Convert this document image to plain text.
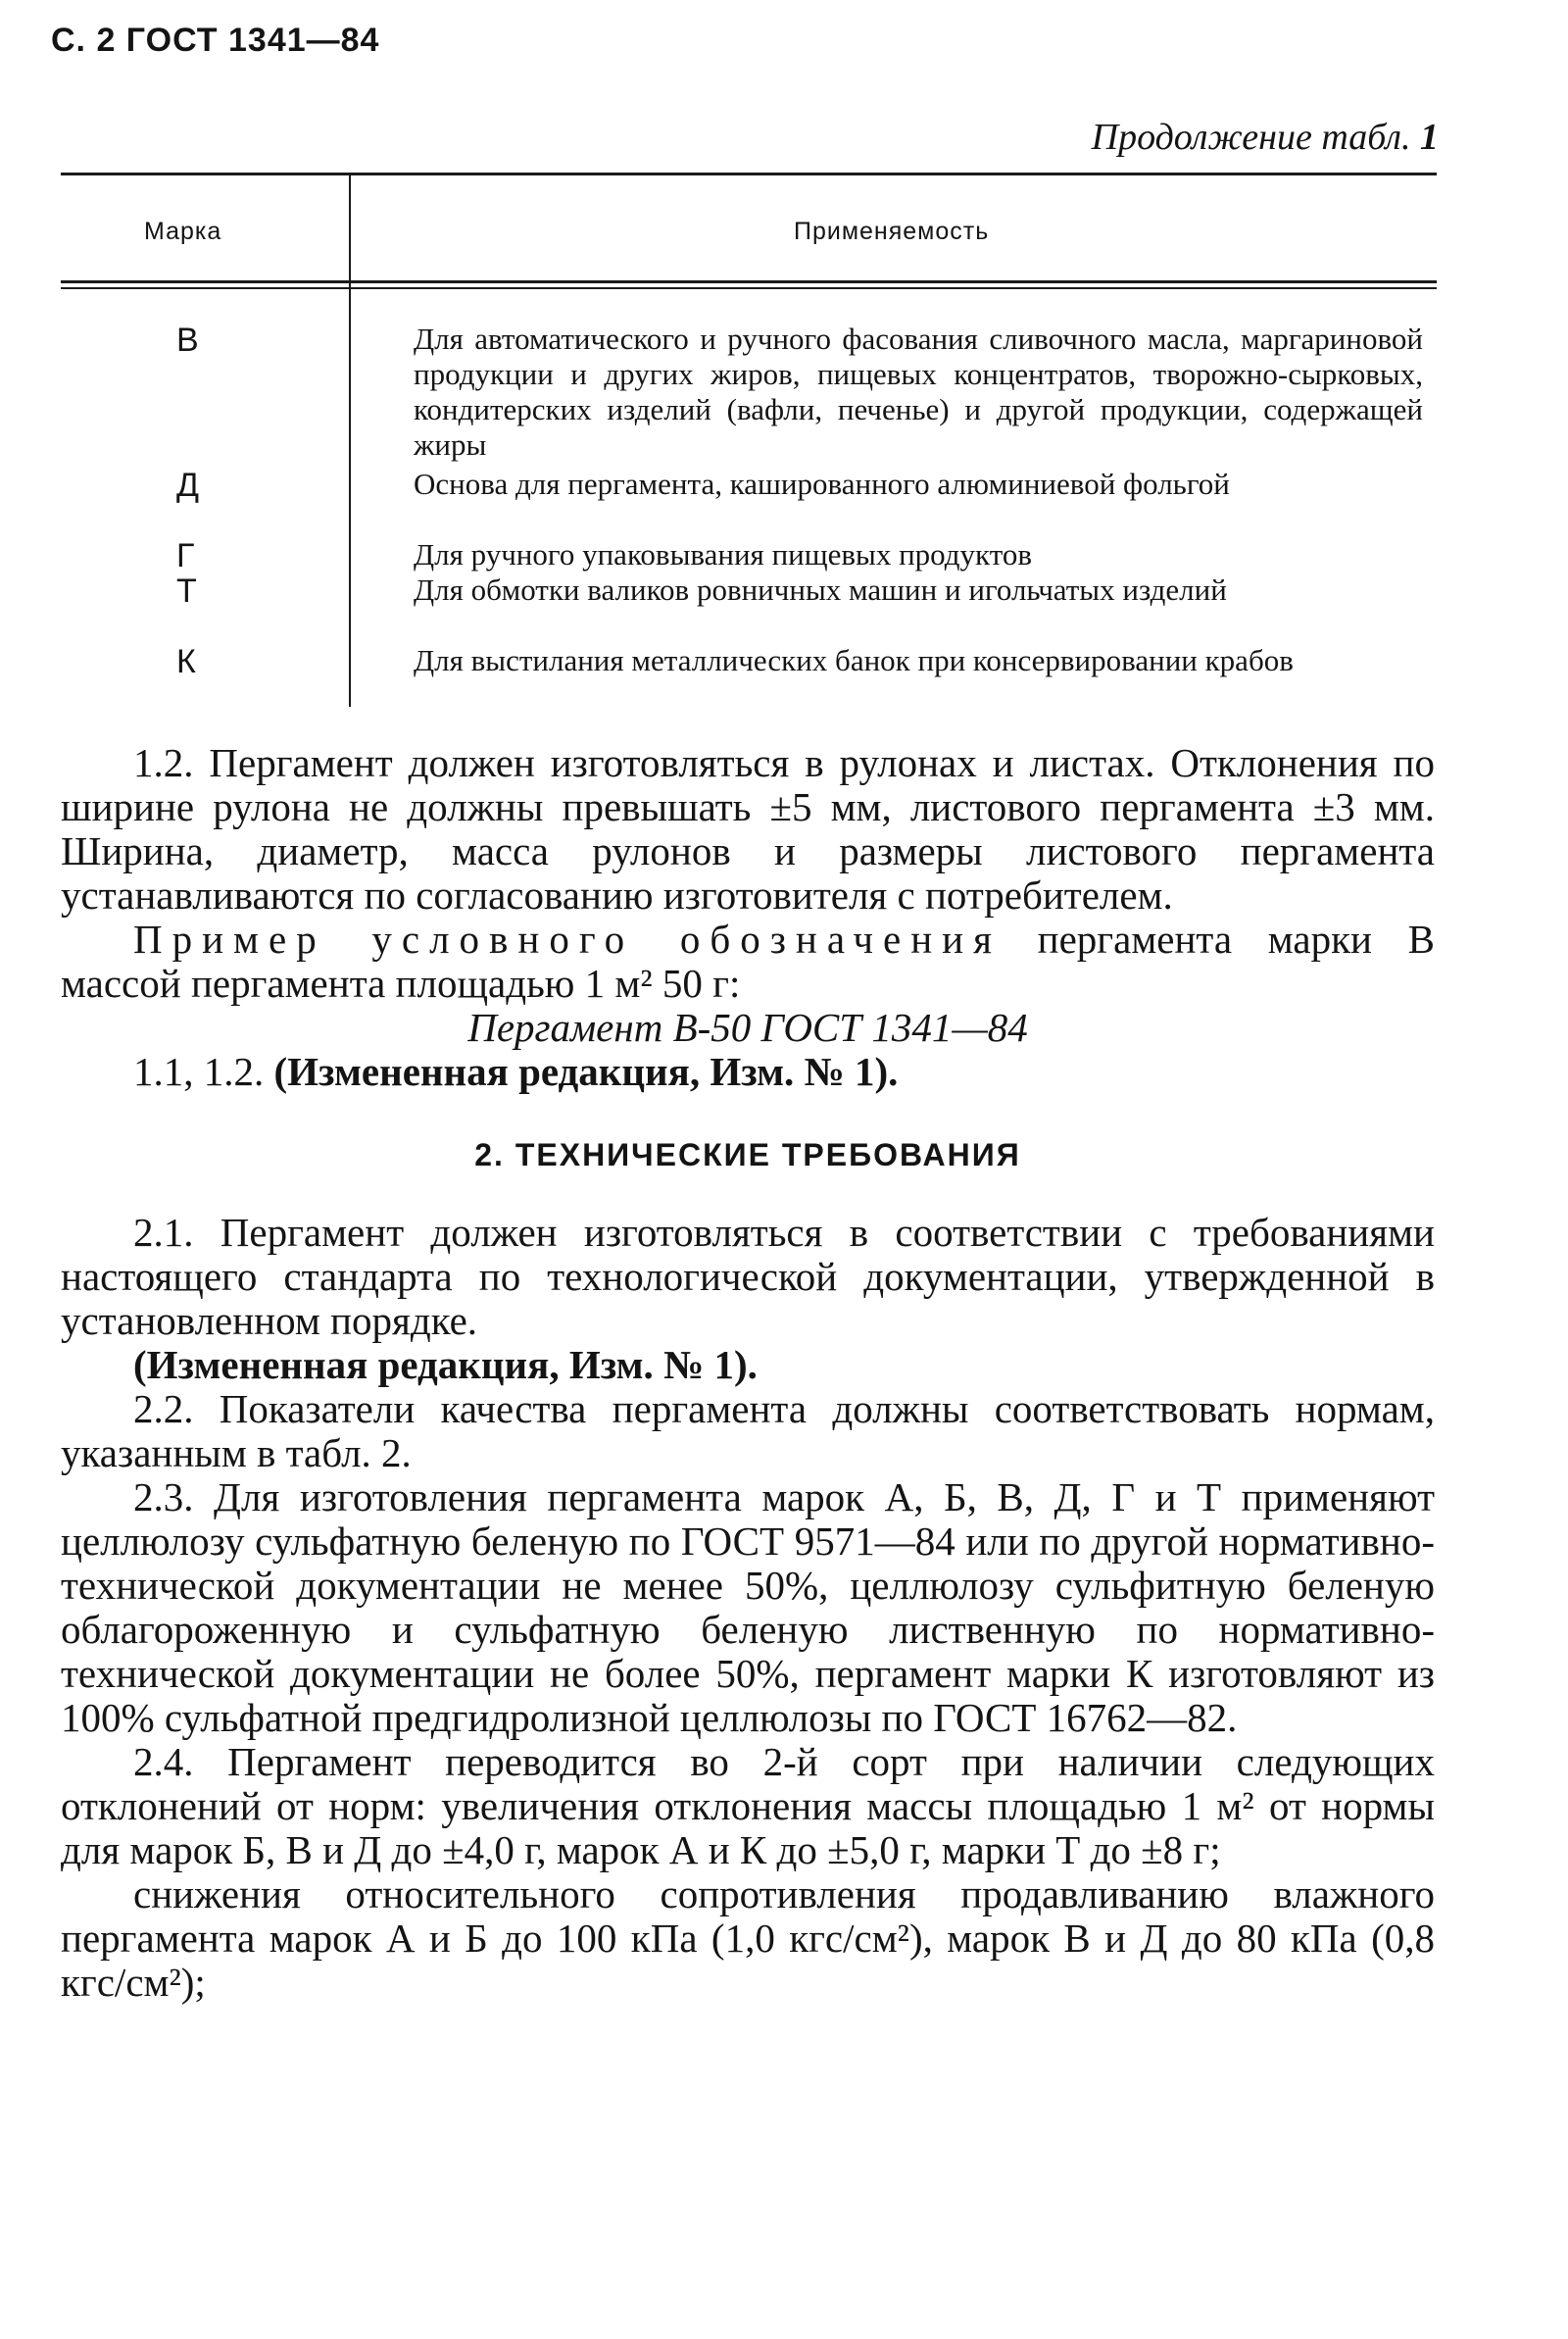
С. 2 ГОСТ 1341—84
Продолжение табл. 1
Марка	Применяемость
В	Для автоматического и ручного фасования сливочного масла, маргариновой продукции и других жиров, пищевых концентратов, творожно-сырковых, кондитерских изделий (вафли, печенье) и другой продукции, содержащей жиры
Д	Основа для пергамента, кашированного алюминиевой фольгой
Г	Для ручного упаковывания пищевых продуктов
Т	Для обмотки валиков ровничных машин и игольчатых изделий
К	Для выстилания металлических банок при консервировании крабов

1.2. Пергамент должен изготовляться в рулонах и листах. Отклонения по ширине рулона не должны превышать ±5 мм, листового пергамента ±3 мм. Ширина, диаметр, масса рулонов и размеры листового пергамента устанавливаются по согласованию изготовителя с потребителем.

Пример условного обозначения пергамента марки В массой пергамента площадью 1 м² 50 г:

Пергамент В-50 ГОСТ 1341—84

1.1, 1.2. (Измененная редакция, Изм. № 1).

2. ТЕХНИЧЕСКИЕ ТРЕБОВАНИЯ

2.1. Пергамент должен изготовляться в соответствии с требованиями настоящего стандарта по технологической документации, утвержденной в установленном порядке.

(Измененная редакция, Изм. № 1).

2.2. Показатели качества пергамента должны соответствовать нормам, указанным в табл. 2.

2.3. Для изготовления пергамента марок А, Б, В, Д, Г и Т применяют целлюлозу сульфатную беленую по ГОСТ 9571—84 или по другой нормативно-технической документации не менее 50%, целлюлозу сульфитную беленую облагороженную и сульфатную беленую лиственную по нормативно-технической документации не более 50%, пергамент марки К изготовляют из 100% сульфатной предгидролизной целлюлозы по ГОСТ 16762—82.

2.4. Пергамент переводится во 2-й сорт при наличии следующих отклонений от норм: увеличения отклонения массы площадью 1 м² от нормы для марок Б, В и Д до ±4,0 г, марок А и К до ±5,0 г, марки Т до ±8 г;

снижения относительного сопротивления продавливанию влажного пергамента марок А и Б до 100 кПа (1,0 кгс/см²), марок В и Д до 80 кПа (0,8 кгс/см²);
